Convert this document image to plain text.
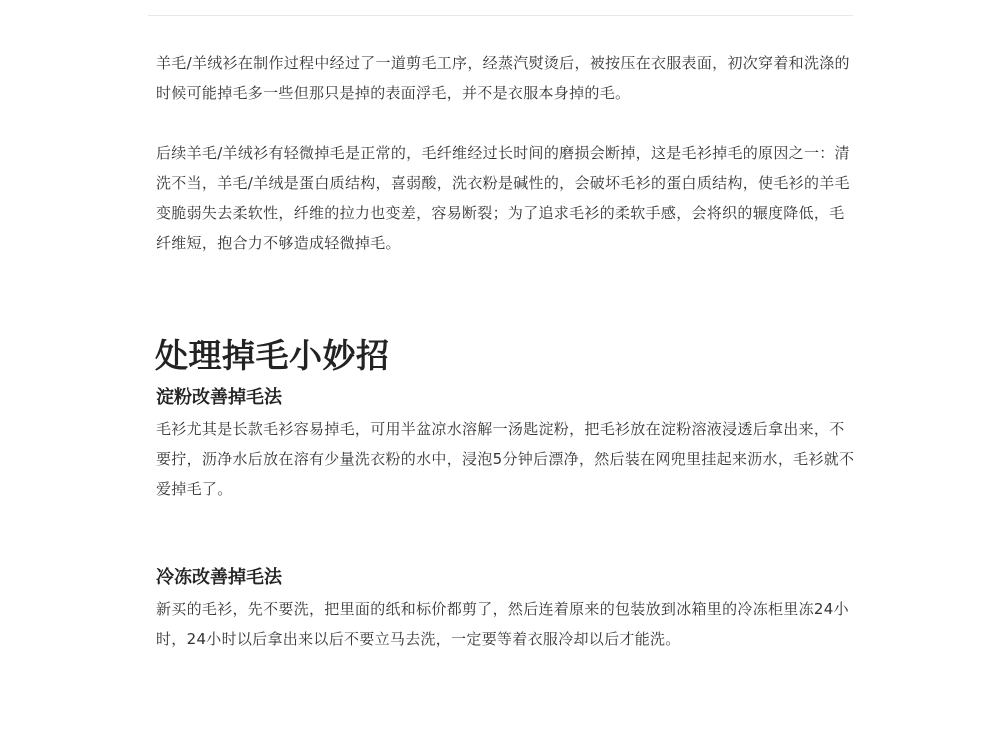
羊毛/羊绒衫在制作过程中经过了一道剪毛工序，经蒸汽熨烫后，被按压在衣服表面，初次穿着和洗涤的时候可能掉毛多一些但那只是掉的表面浮毛，并不是衣服本身掉的毛。

后续羊毛/羊绒衫有轻微掉毛是正常的，毛纤维经过长时间的磨损会断掉，这是毛衫掉毛的原因之一：清洗不当，羊毛/羊绒是蛋白质结构，喜弱酸，洗衣粉是碱性的，会破坏毛衫的蛋白质结构，使毛衫的羊毛变脆弱失去柔软性，纤维的拉力也变差，容易断裂；为了追求毛衫的柔软手感，会将织的辗度降低，毛纤维短，抱合力不够造成轻微掉毛。

处理掉毛小妙招
淀粉改善掉毛法

毛衫尤其是长款毛衫容易掉毛，可用半盆凉水溶解一汤匙淀粉，把毛衫放在淀粉溶液浸透后拿出来，不要拧，沥净水后放在溶有少量洗衣粉的水中，浸泡5分钟后漂净，然后装在网兜里挂起来沥水，毛衫就不爱掉毛了。

冷冻改善掉毛法

新买的毛衫，先不要洗，把里面的纸和标价都剪了，然后连着原来的包装放到冰箱里的冷冻柜里冻24小时，24小时以后拿出来以后不要立马去洗，一定要等着衣服冷却以后才能洗。
